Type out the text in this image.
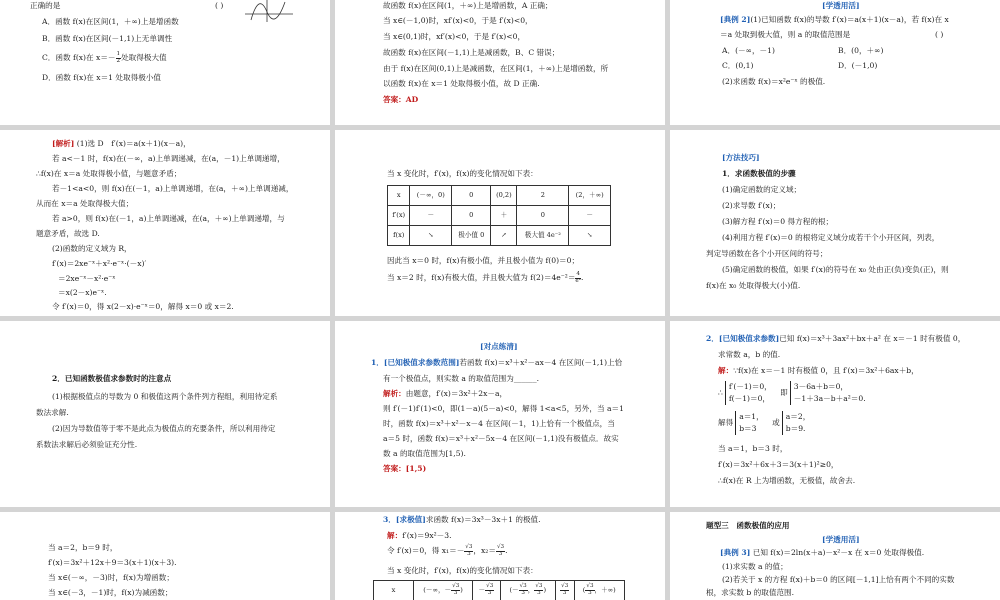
正确的是	( )
A．函数 f(x)在区间(1，＋∞)上是增函数
B．函数 f(x)在区间(－1,1)上无单调性
C．函数 f(x)在 $x=- \frac{1}{2}$ 处取得极大值
D．函数 f(x)在 x＝1 处取得极小值
故函数 f(x)在区间(1，＋∞)上是增函数，A 正确；
当 x∈(－1,0)时，xf′(x)<0，于是 f′(x)<0，
当 x∈(0,1)时，xf′(x)<0，于是 f′(x)<0，
故函数 f(x)在区间(－1,1)上是减函数，B、C 错误；
由于 f(x)在区间(0,1)上是减函数，在区间(1，＋∞)上是增函数，所
以函数 f(x)在 x＝1 处取得极小值，故 D 正确.
答案：AD
[学透用活]
[典例 2](1)已知函数 f(x)的导数 f′(x)＝a(x＋1)(x－a)，若 f(x)在 x
＝a 处取到极大值，则 a 的取值范围是	( )
A．(－∞，－1)	B．(0，＋∞)
C．(0,1)	D．(－1,0)
(2)求函数 f(x)＝x²e⁻ˣ 的极值.
[解析] (1)选 D　f′(x)＝a(x＋1)(x－a)，
若 a<－1 时，f(x)在(－∞，a)上单调递减，在(a，－1)上单调递增，
∴f(x)在 x＝a 处取得极小值，与题意矛盾；
若－1<a<0，则 f(x)在(－1，a)上单调递增，在(a，＋∞)上单调递减，
从而在 x＝a 处取得极大值；
若 a>0，则 f(x)在(－1，a)上单调递减，在(a，＋∞)上单调递增，与
题意矛盾，故选 D.
(2)函数的定义域为 R，
f′(x)＝2xe⁻ˣ＋x²·e⁻ˣ·(－x)′
＝2xe⁻ˣ－x²·e⁻ˣ
＝x(2－x)e⁻ˣ.
令 f′(x)＝0，得 x(2－x)·e⁻ˣ＝0，解得 x＝0 或 x＝2.
当 x 变化时，f′(x)，f(x)的变化情况如下表：
x	(－∞，0)	0	(0,2)	2	(2，＋∞)
f′(x)	－	0	＋	0	－
f(x)	↘	极小值 0	↗	极大值 4e⁻²	↘
因此当 x＝0 时，f(x)有极小值，并且极小值为 f(0)＝0；
当 x＝2 时，f(x)有极大值，并且极大值为 $f(2)=4e^{-2}= \frac{4}{\text{e²}}$ .
[方法技巧]
1．求函数极值的步骤
(1)确定函数的定义域；
(2)求导数 f′(x)；
(3)解方程 f′(x)＝0 得方程的根；
(4)利用方程 f′(x)＝0 的根将定义域分成若干个小开区间，列表，
判定导函数在各个小开区间的符号；
(5)确定函数的极值，如果 f′(x)的符号在 x₀ 处由正(负)变负(正)，则
f(x)在 x₀ 处取得极大(小)值.
2．已知函数极值求参数时的注意点
(1)根据极值点的导数为 0 和极值这两个条件列方程组，利用待定系
数法求解.
(2)因为导数值等于零不是此点为极值点的充要条件，所以利用待定
系数法求解后必须验证充分性.
[对点练清]
1．[已知极值求参数范围]若函数 f(x)＝x³＋x²－ax－4 在区间(－1,1)上恰
有一个极值点，则实数 a 的取值范围为______.
解析：由题意，f′(x)＝3x²＋2x－a，
则 f′(－1)f′(1)<0，即(1－a)(5－a)<0，解得 1<a<5，另外，当 a＝1
时，函数 f(x)＝x³＋x²－x－4 在区间(－1，1)上恰有一个极值点，当
a＝5 时，函数 f(x)＝x³＋x²－5x－4 在区间(－1,1)没有极值点．故实
数 a 的取值范围为[1,5).
答案：[1,5)
2．[已知极值求参数]已知 f(x)＝x³＋3ax²＋bx＋a² 在 x＝－1 时有极值 0，
求常数 a，b 的值.
解：∵f(x)在 x＝－1 时有极值 0，且 f′(x)＝3x²＋6ax＋b，
∴
f′(－1)＝0，
f(－1)＝0，
即
3－6a＋b＝0，
－1＋3a－b＋a²＝0.
解得
a＝1，
b＝3
或
a＝2，
b＝9.
当 a＝1，b＝3 时，
f′(x)＝3x²＋6x＋3＝3(x＋1)²≥0，
∴f(x)在 R 上为增函数，无极值，故舍去.
当 a＝2，b＝9 时，
f′(x)＝3x²＋12x＋9＝3(x＋1)(x＋3).
当 x∈(－∞，－3)时，f(x)为增函数；
当 x∈(－3，－1)时，f(x)为减函数；
3．[求极值]求函数 f(x)＝3x³－3x＋1 的极值.
解：f′(x)＝9x²－3.
令 f′(x)＝0，得 $x_1=- \frac{√3}{3}$ ，$x_2= \frac{√3}{3}$ .
当 x 变化时，f′(x)，f(x)的变化情况如下表：
x	(－∞，－ $\frac{√3}{3}$ )	－ $\frac{√3}{3}$	(－ $\frac{√3}{3}$ ， $\frac{√3}{3}$ )	$\frac{√3}{3}$	( $\frac{√3}{3}$ ，＋∞)
题型三　函数极值的应用
[学透用活]
[典例 3] 已知 f(x)＝2ln(x＋a)－x²－x 在 x＝0 处取得极值.
(1)求实数 a 的值；
(2)若关于 x 的方程 f(x)＋b＝0 的区间[－1,1]上恰有两个不同的实数
根，求实数 b 的取值范围.
